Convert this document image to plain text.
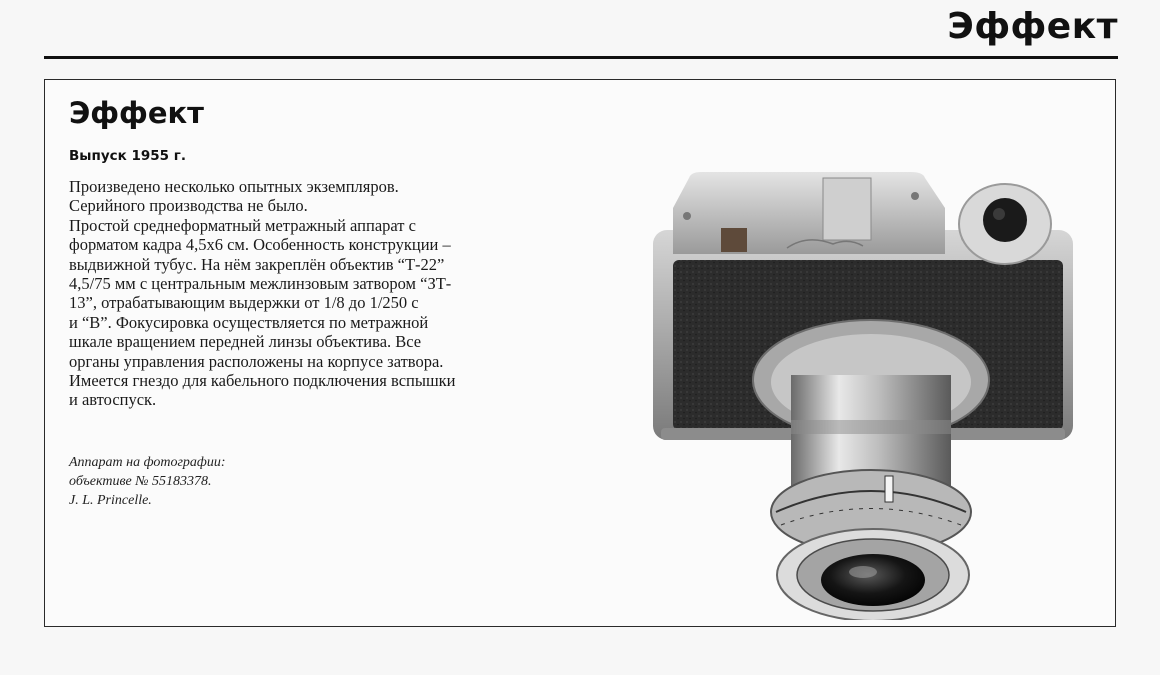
Эффект
Эффект
Выпуск 1955 г.
Произведено несколько опытных экземпляров.
Серийного производства не было.
Простой среднеформатный метражный аппарат с
форматом кадра 4,5х6 см. Особенность конструкции –
выдвижной тубус. На нём закреплён объектив “Т-22”
4,5/75 мм с центральным межлинзовым затвором “ЗТ-
13”, отрабатывающим выдержки от 1/8 до 1/250 с
и “В”. Фокусировка осуществляется по метражной
шкале вращением передней линзы объектива. Все
органы управления расположены на корпусе затвора.
Имеется гнездо для кабельного подключения вспышки
и автоспуск.
Аппарат на фотографии:
объективе № 55183378.
J. L. Princelle.
